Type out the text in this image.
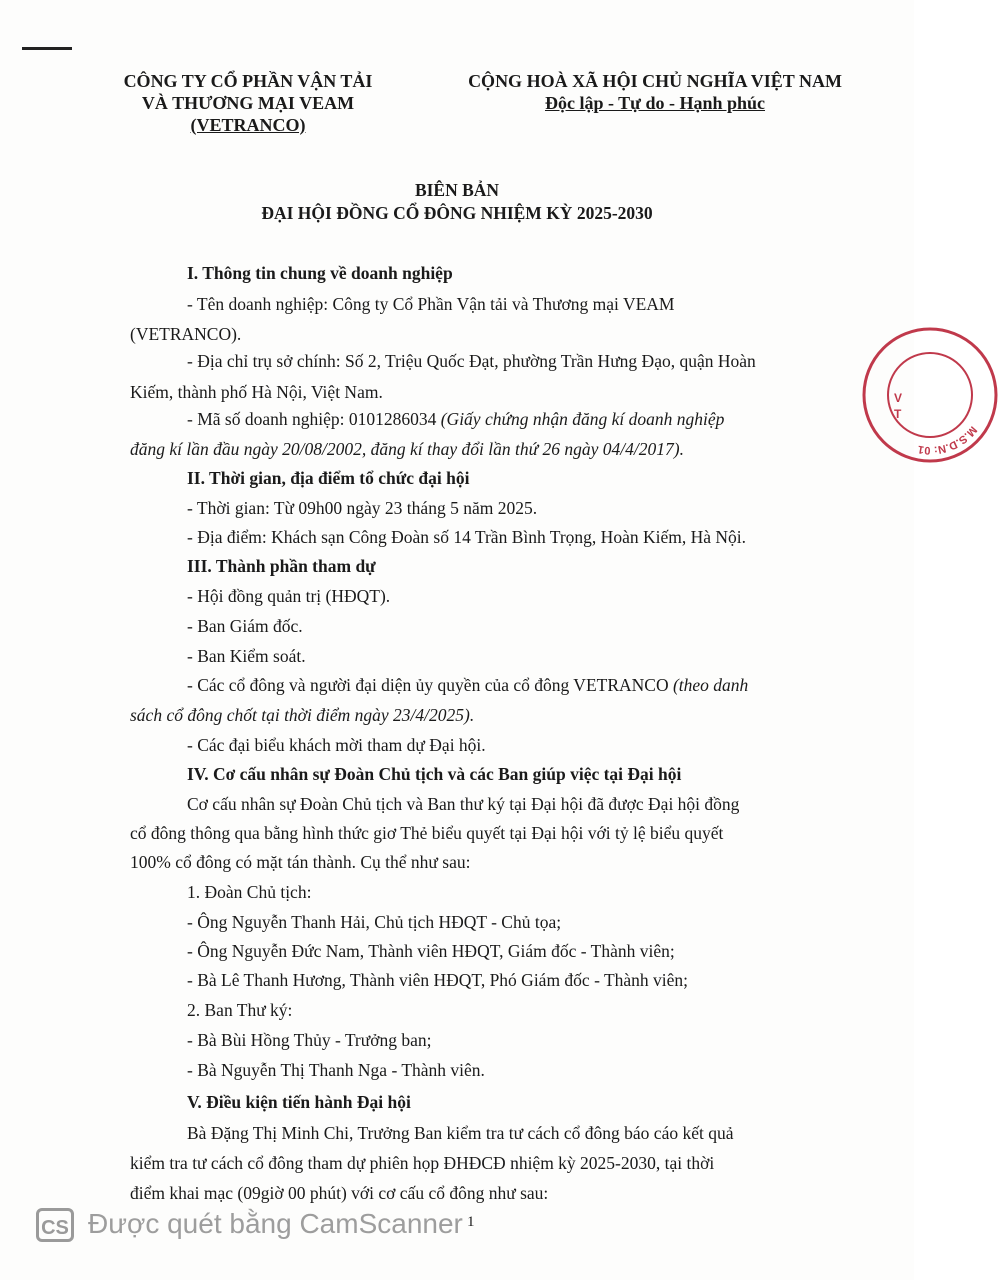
CÔNG TY CỔ PHẦN VẬN TẢI
VÀ THƯƠNG MẠI VEAM
(VETRANCO)
CỘNG HOÀ XÃ HỘI CHỦ NGHĨA VIỆT NAM
Độc lập - Tự do - Hạnh phúc
BIÊN BẢN
ĐẠI HỘI ĐỒNG CỔ ĐÔNG NHIỆM KỲ 2025-2030
I. Thông tin chung về doanh nghiệp
- Tên doanh nghiệp: Công ty Cổ Phần Vận tải và Thương mại VEAM
(VETRANCO).
- Địa chỉ trụ sở chính: Số 2, Triệu Quốc Đạt, phường Trần Hưng Đạo, quận Hoàn
Kiếm, thành phố Hà Nội, Việt Nam.
- Mã số doanh nghiệp: 0101286034 (Giấy chứng nhận đăng kí doanh nghiệp
đăng kí lần đầu ngày 20/08/2002, đăng kí thay đổi lần thứ 26 ngày 04/4/2017).
II. Thời gian, địa điểm tổ chức đại hội
- Thời gian: Từ 09h00 ngày 23 tháng 5 năm 2025.
- Địa điểm: Khách sạn Công Đoàn số 14 Trần Bình Trọng, Hoàn Kiếm, Hà Nội.
III. Thành phần tham dự
- Hội đồng quản trị (HĐQT).
- Ban Giám đốc.
- Ban Kiểm soát.
- Các cổ đông và người đại diện ủy quyền của cổ đông VETRANCO (theo danh
sách cổ đông chốt tại thời điểm ngày 23/4/2025).
- Các đại biểu khách mời tham dự Đại hội.
IV. Cơ cấu nhân sự Đoàn Chủ tịch và các Ban giúp việc tại Đại hội
Cơ cấu nhân sự Đoàn Chủ tịch và Ban thư ký tại Đại hội đã được Đại hội đồng
cổ đông thông qua bằng hình thức giơ Thẻ biểu quyết tại Đại hội với tỷ lệ biểu quyết
100% cổ đông có mặt tán thành. Cụ thể như sau:
1. Đoàn Chủ tịch:
- Ông Nguyễn Thanh Hải, Chủ tịch HĐQT - Chủ tọa;
- Ông Nguyễn Đức Nam, Thành viên HĐQT, Giám đốc - Thành viên;
- Bà Lê Thanh Hương, Thành viên HĐQT, Phó Giám đốc - Thành viên;
2. Ban Thư ký:
- Bà Bùi Hồng Thủy - Trưởng ban;
- Bà Nguyễn Thị Thanh Nga - Thành viên.
V. Điều kiện tiến hành Đại hội
Bà Đặng Thị Minh Chi, Trưởng Ban kiểm tra tư cách cổ đông báo cáo kết quả
kiểm tra tư cách cổ đông tham dự phiên họp ĐHĐCĐ nhiệm kỳ 2025-2030, tại thời
điểm khai mạc (09giờ 00 phút) với cơ cấu cổ đông như sau:
M.S.D.N: 01
V
T
CS Được quét bằng CamScanner 1
